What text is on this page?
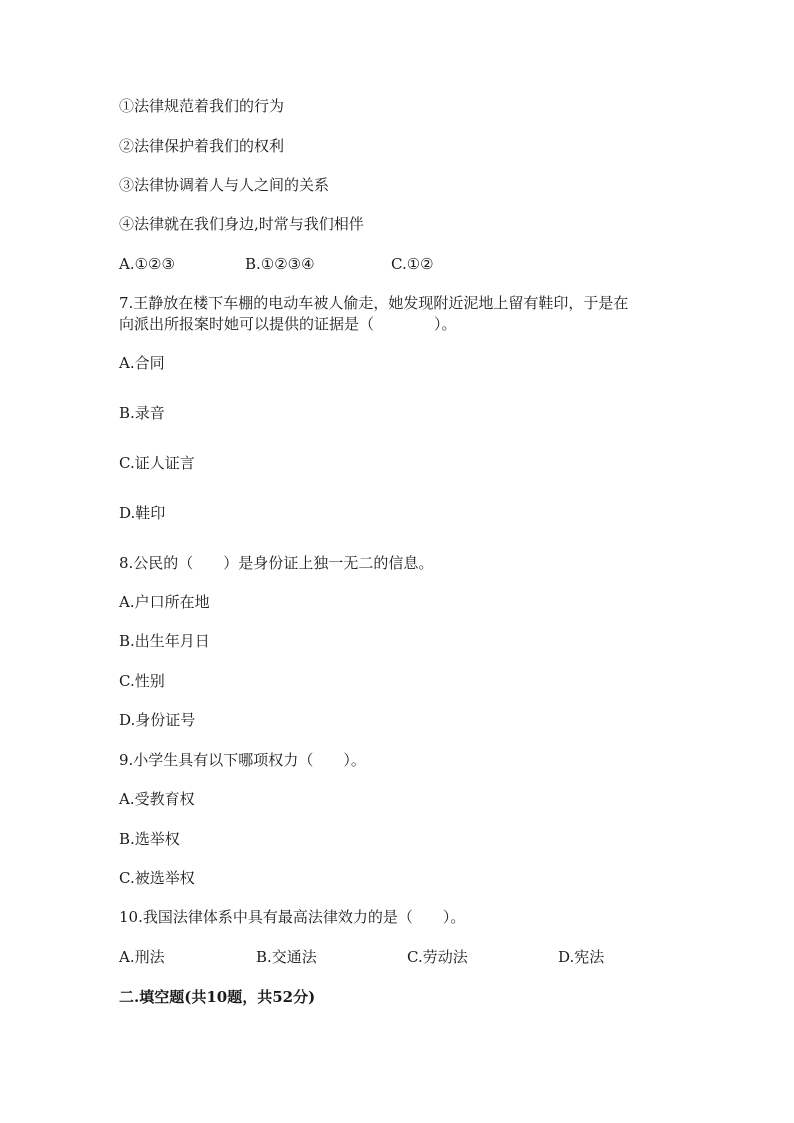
①法律规范着我们的行为
②法律保护着我们的权利
③法律协调着人与人之间的关系
④法律就在我们身边,时常与我们相伴
A.①②③	B.①②③④	C.①②
7.王静放在楼下车棚的电动车被人偷走，她发现附近泥地上留有鞋印，于是在
向派出所报案时她可以提供的证据是（　　　　）。
A.合同
B.录音
C.证人证言
D.鞋印
8.公民的（　　）是身份证上独一无二的信息。
A.户口所在地
B.出生年月日
C.性别
D.身份证号
9.小学生具有以下哪项权力（　　）。
A.受教育权
B.选举权
C.被选举权
10.我国法律体系中具有最高法律效力的是（　　）。
A.刑法	B.交通法	C.劳动法	D.宪法
二.填空题(共10题，共52分)
